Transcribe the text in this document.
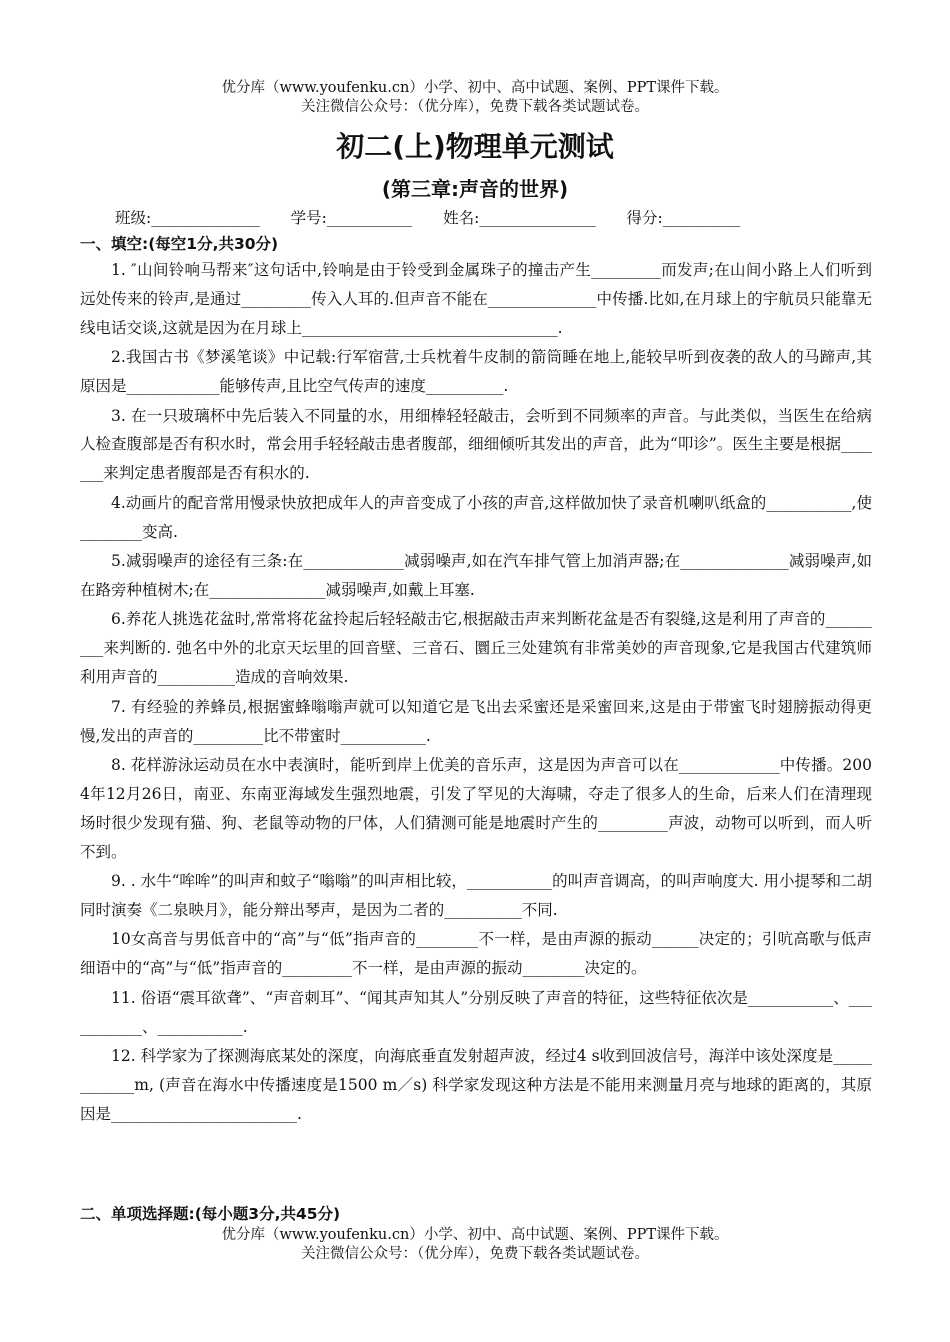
优分库（www.youfenku.cn）小学、初中、高中试题、案例、PPT课件下载。
关注微信公众号：（优分库），免费下载各类试题试卷。
初二(上)物理单元测试
(第三章:声音的世界)
班级:______________ 学号:___________ 姓名:_______________ 得分:__________
一、填空:(每空1分,共30分)

1. ″山间铃响马帮来″这句话中,铃响是由于铃受到金属珠子的撞击产生_________而发声;在山间小路上人们听到远处传来的铃声,是通过_________传入人耳的.但声音不能在______________中传播.比如,在月球上的宇航员只能靠无线电话交谈,这就是因为在月球上_________________________________.

2.我国古书《梦溪笔谈》中记载:行军宿营,士兵枕着牛皮制的箭筒睡在地上,能较早听到夜袭的敌人的马蹄声,其原因是____________能够传声,且比空气传声的速度__________.

3. 在一只玻璃杯中先后装入不同量的水，用细棒轻轻敲击，会听到不同频率的声音。与此类似，当医生在给病人检查腹部是否有积水时，常会用手轻轻敲击患者腹部，细细倾听其发出的声音，此为“叩诊”。医生主要是根据_______来判定患者腹部是否有积水的.

4.动画片的配音常用慢录快放把成年人的声音变成了小孩的声音,这样做加快了录音机喇叭纸盒的___________,使________变高.

5.减弱噪声的途径有三条:在_____________减弱噪声,如在汽车排气管上加消声器;在______________减弱噪声,如在路旁种植树木;在_______________减弱噪声,如戴上耳塞.

6.养花人挑选花盆时,常常将花盆拎起后轻轻敲击它,根据敲击声来判断花盆是否有裂缝,这是利用了声音的_________来判断的. 弛名中外的北京天坛里的回音壁、三音石、圜丘三处建筑有非常美妙的声音现象,它是我国古代建筑师利用声音的__________造成的音响效果.

7. 有经验的养蜂员,根据蜜蜂嗡嗡声就可以知道它是飞出去采蜜还是采蜜回来,这是由于带蜜飞时翅膀振动得更慢,发出的声音的_________比不带蜜时___________.

8. 花样游泳运动员在水中表演时，能听到岸上优美的音乐声，这是因为声音可以在_____________中传播。2004年12月26日，南亚、东南亚海域发生强烈地震，引发了罕见的大海啸，夺走了很多人的生命，后来人们在清理现场时很少发现有猫、狗、老鼠等动物的尸体，人们猜测可能是地震时产生的_________声波，动物可以听到，而人听不到。

9. . 水牛“哞哞”的叫声和蚊子“嗡嗡”的叫声相比较，___________的叫声音调高，的叫声响度大. 用小提琴和二胡同时演奏《二泉映月》，能分辩出琴声，是因为二者的__________不同.

10女高音与男低音中的“高”与“低”指声音的________不一样，是由声源的振动______决定的；引吭高歌与低声细语中的“高”与“低”指声音的_________不一样，是由声源的振动________决定的。

11. 俗语“震耳欲聋”、“声音刺耳”、“闻其声知其人”分别反映了声音的特征，这些特征依次是___________、___________、___________.

12. 科学家为了探测海底某处的深度，向海底垂直发射超声波，经过4 s收到回波信号，海洋中该处深度是____________m, (声音在海水中传播速度是1500 m／s) 科学家发现这种方法是不能用来测量月亮与地球的距离的，其原因是________________________.

二、单项选择题:(每小题3分,共45分)
优分库（www.youfenku.cn）小学、初中、高中试题、案例、PPT课件下载。
关注微信公众号：（优分库），免费下载各类试题试卷。
